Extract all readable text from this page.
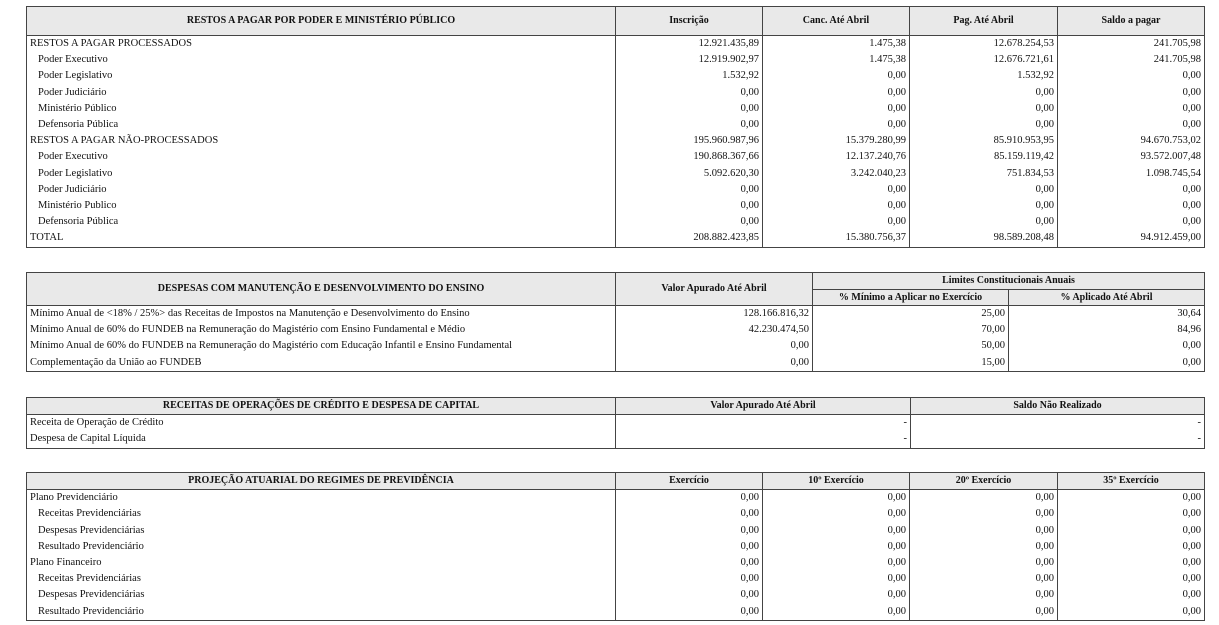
RESTOS A PAGAR POR PODER E MINISTÉRIO PÚBLICO	Inscrição	Canc. Até Abril	Pag. Até Abril	Saldo a pagar
RESTOS A PAGAR PROCESSADOS	12.921.435,89	1.475,38	12.678.254,53	241.705,98
Poder Executivo	12.919.902,97	1.475,38	12.676.721,61	241.705,98
Poder Legislativo	1.532,92	0,00	1.532,92	0,00
Poder Judiciário	0,00	0,00	0,00	0,00
Ministério Público	0,00	0,00	0,00	0,00
Defensoria Pública	0,00	0,00	0,00	0,00
RESTOS A PAGAR NÃO-PROCESSADOS	195.960.987,96	15.379.280,99	85.910.953,95	94.670.753,02
Poder Executivo	190.868.367,66	12.137.240,76	85.159.119,42	93.572.007,48
Poder Legislativo	5.092.620,30	3.242.040,23	751.834,53	1.098.745,54
Poder Judiciário	0,00	0,00	0,00	0,00
Ministério Publico	0,00	0,00	0,00	0,00
Defensoria Pública	0,00	0,00	0,00	0,00
TOTAL	208.882.423,85	15.380.756,37	98.589.208,48	94.912.459,00
DESPESAS COM MANUTENÇÃO E DESENVOLVIMENTO DO ENSINO	Valor Apurado Até Abril	Limites Constitucionais Anuais	
		% Mínimo a Aplicar no Exercício	% Aplicado Até Abril
Mínimo Anual de <18% / 25%> das Receitas de Impostos na Manutenção e Desenvolvimento do Ensino	128.166.816,32	25,00	30,64
Mínimo Anual de 60% do FUNDEB na Remuneração do Magistério com Ensino Fundamental e Médio	42.230.474,50	70,00	84,96
Mínimo Anual de 60% do FUNDEB na Remuneração do Magistério com Educação Infantil e Ensino Fundamental	0,00	50,00	0,00
Complementação da União ao FUNDEB	0,00	15,00	0,00
RECEITAS DE OPERAÇÕES DE CRÉDITO E DESPESA DE CAPITAL	Valor Apurado Até Abril	Saldo Não Realizado
Receita de Operação de Crédito	-	-
Despesa de Capital Líquida	-	-
PROJEÇÃO ATUARIAL DO REGIMES DE PREVIDÊNCIA	Exercício	10º Exercício	20º Exercício	35º Exercício
Plano Previdenciário	0,00	0,00	0,00	0,00
Receitas Previdenciárias	0,00	0,00	0,00	0,00
Despesas Previdenciárias	0,00	0,00	0,00	0,00
Resultado Previdenciário	0,00	0,00	0,00	0,00
Plano Financeiro	0,00	0,00	0,00	0,00
Receitas Previdenciárias	0,00	0,00	0,00	0,00
Despesas Previdenciárias	0,00	0,00	0,00	0,00
Resultado Previdenciário	0,00	0,00	0,00	0,00
